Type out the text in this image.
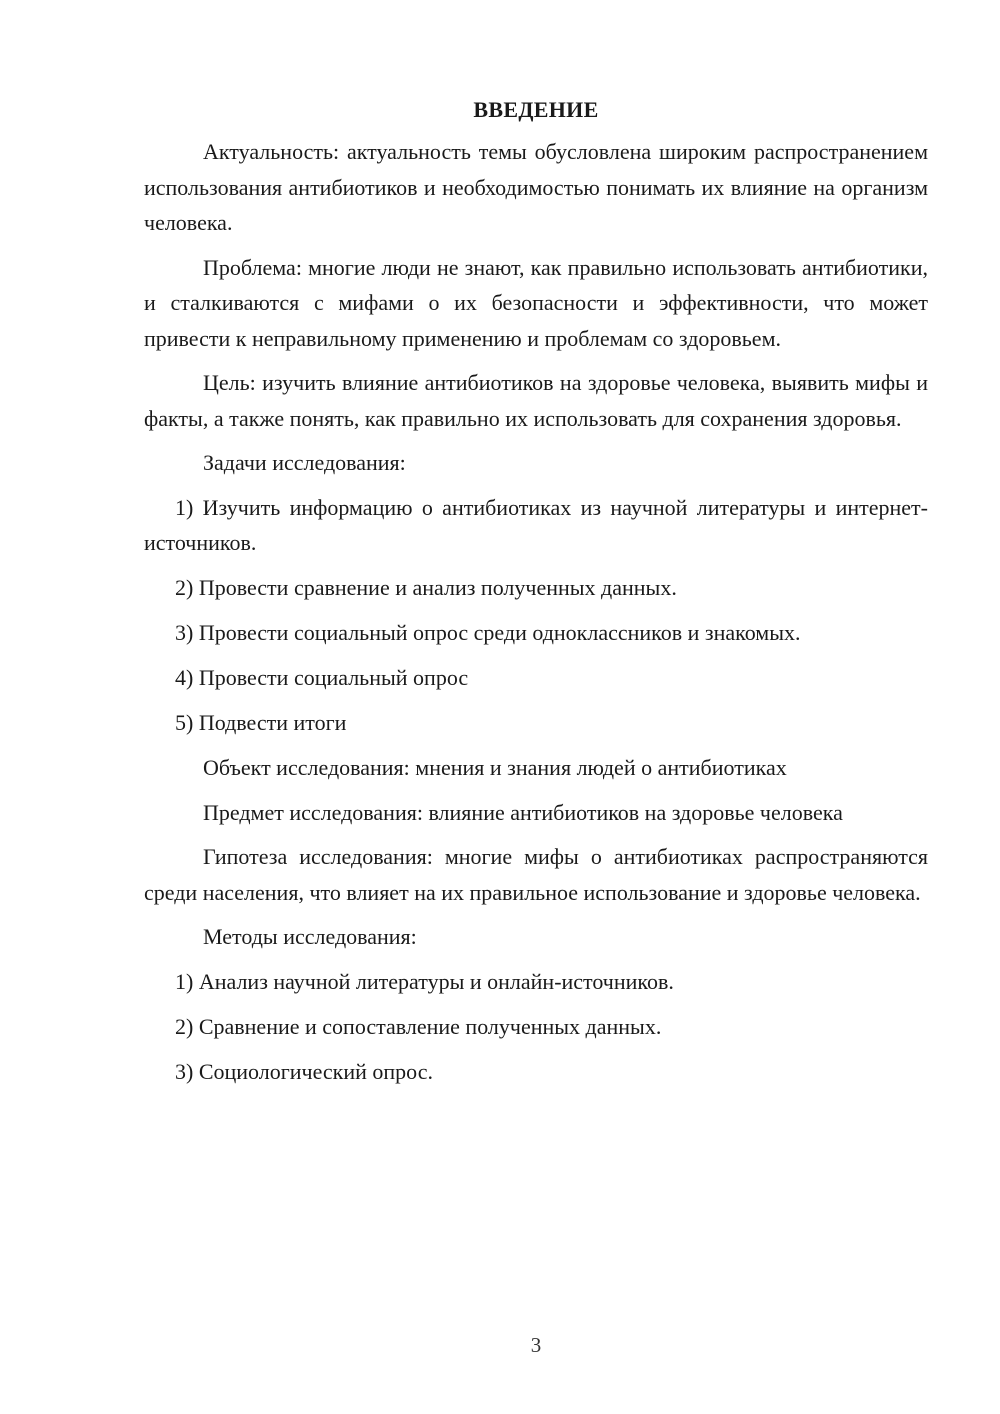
ВВЕДЕНИЕ

Актуальность: актуальность темы обусловлена широким распространением использования антибиотиков и необходимостью понимать их влияние на организм человека.

Проблема: многие люди не знают, как правильно использовать антибиотики, и сталкиваются с мифами о их безопасности и эффективности, что может привести к неправильному применению и проблемам со здоровьем.

Цель: изучить влияние антибиотиков на здоровье человека, выявить мифы и факты, а также понять, как правильно их использовать для сохранения здоровья.

Задачи исследования:

1) Изучить информацию о антибиотиках из научной литературы и интернет-источников.

2) Провести сравнение и анализ полученных данных.

3) Провести социальный опрос среди одноклассников и знакомых.

4) Провести социальный опрос

5) Подвести итоги

Объект исследования: мнения и знания людей о антибиотиках

Предмет исследования: влияние антибиотиков на здоровье человека

Гипотеза исследования: многие мифы о антибиотиках распространяются среди населения, что влияет на их правильное использование и здоровье человека.

Методы исследования:

1) Анализ научной литературы и онлайн-источников.

2) Сравнение и сопоставление полученных данных.

3) Социологический опрос.

3
